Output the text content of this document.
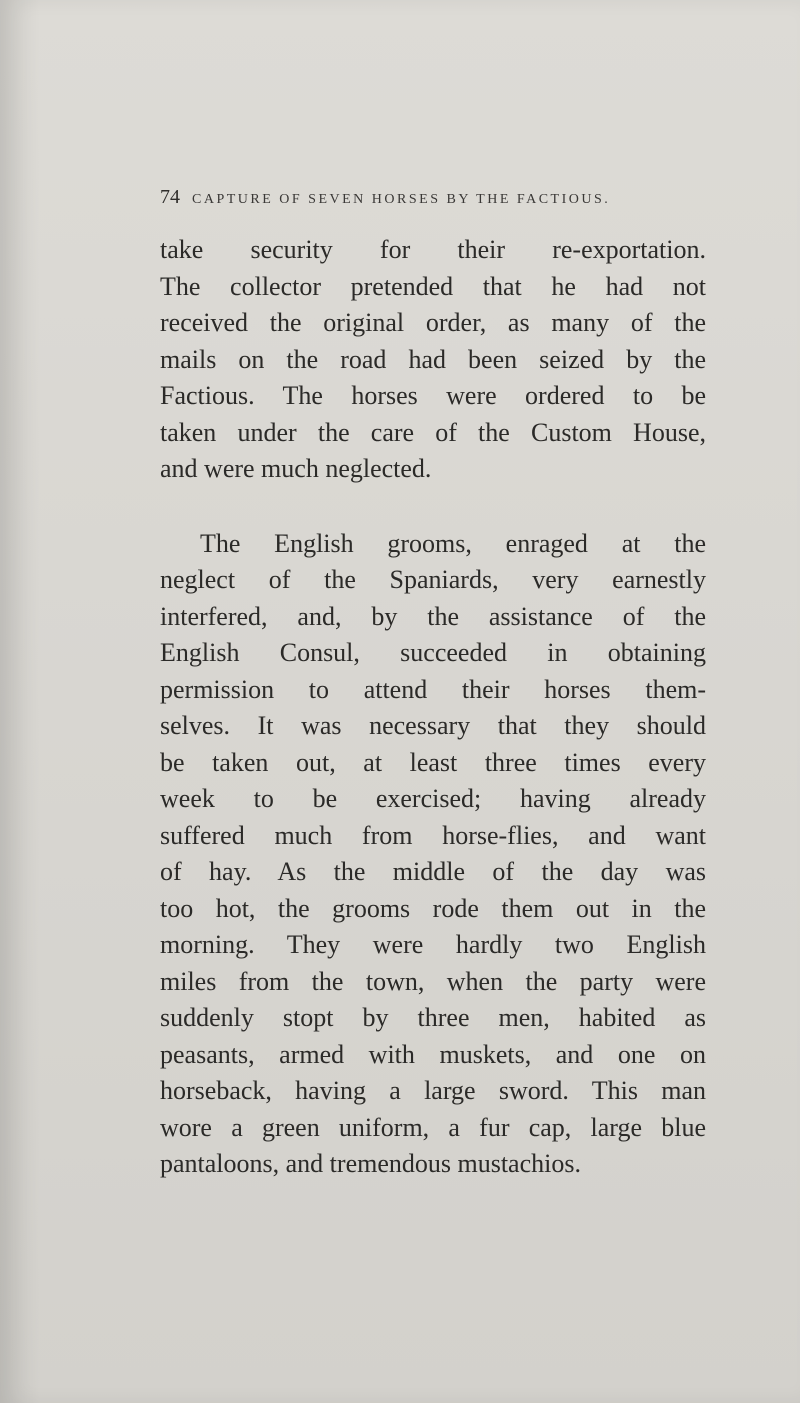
74 CAPTURE OF SEVEN HORSES BY THE FACTIOUS.

take security for their re-exportation.
The collector pretended that he had not
received the original order, as many of the
mails on the road had been seized by the
Factious. The horses were ordered to be
taken under the care of the Custom House,
and were much neglected.

The English grooms, enraged at the
neglect of the Spaniards, very earnestly
interfered, and, by the assistance of the
English Consul, succeeded in obtaining
permission to attend their horses them-
selves. It was necessary that they should
be taken out, at least three times every
week to be exercised; having already
suffered much from horse-flies, and want
of hay. As the middle of the day was
too hot, the grooms rode them out in the
morning. They were hardly two English
miles from the town, when the party were
suddenly stopt by three men, habited as
peasants, armed with muskets, and one on
horseback, having a large sword. This man
wore a green uniform, a fur cap, large blue
pantaloons, and tremendous mustachios.
